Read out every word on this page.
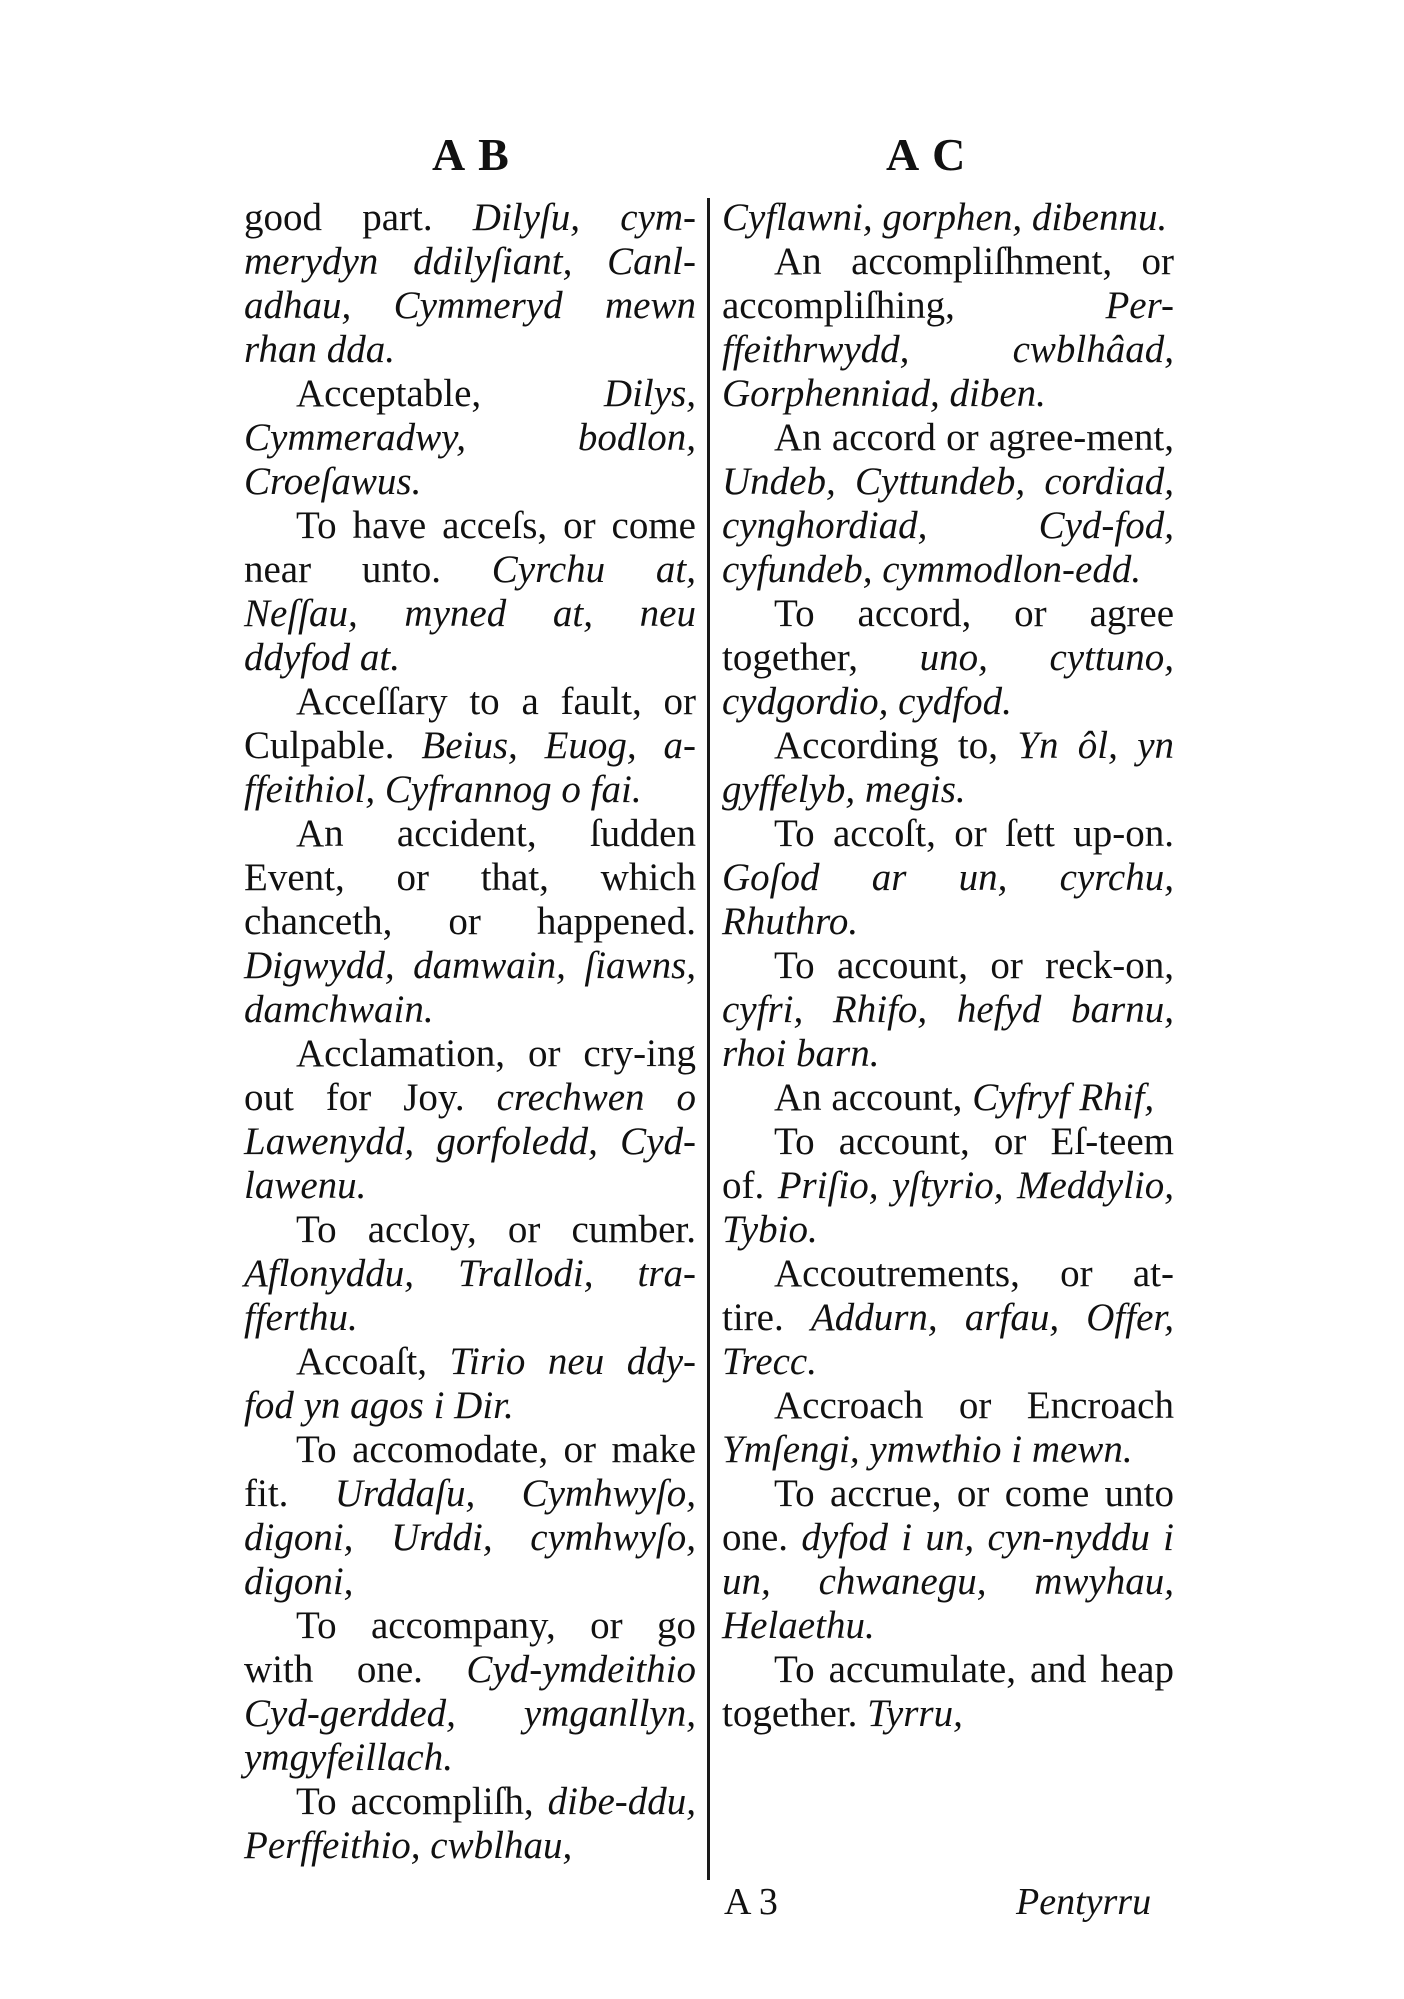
A B	A C

good part. Dilyſu, cym-merydyn ddilyſiant, Canl-adhau, Cymmeryd mewn rhan dda.

Acceptable,	Dilys, Cymmeradwy, bodlon, Croeſawus.

To have acceſs, or come near unto. Cyrchu at, Neſſau, myned at, neu ddyfod at.

Acceſſary to a fault, or Culpable. Beius, Euog, a-ffeithiol, Cyfrannog o fai.

An accident, ſudden Event, or that, which chanceth, or happened. Digwydd, damwain, ſiawns, damchwain.

Acclamation, or cry-ing out for Joy. crechwen o Lawenydd, gorfoledd, Cyd-lawenu.

To accloy, or cumber. Aflonyddu, Trallodi, tra-fferthu.

Accoaſt, Tirio neu ddy-fod yn agos i Dir.

To accomodate, or make fit. Urddaſu, Cymhwyſo, digoni, Urddi, cymhwyſo, digoni,

To accompany, or go with one. Cyd-ymdeithio Cyd-gerdded, ymganllyn, ymgyfeillach.

To accompliſh, dibe-ddu, Perffeithio, cwblhau,

Cyflawni, gorphen, dibennu.

An accompliſhment, or accompliſhing,	Per-ffeithrwydd, cwblhâad, Gorphenniad, diben.

An accord or agree-ment, Undeb, Cyttundeb, cordiad, cynghordiad, Cyd-fod, cyfundeb, cymmodlon-edd.

To accord, or agree together, uno, cyttuno, cydgordio, cydfod.

According to, Yn ôl, yn gyffelyb, megis.

To accoſt, or ſett up-on. Goſod ar un, cyrchu, Rhuthro.

To account, or reck-on, cyfri, Rhifo, hefyd barnu, rhoi barn.

An account, Cyfryf Rhif,

To account, or Eſ-teem of. Priſio, yſtyrio, Meddylio, Tybio.

Accoutrements, or at-tire. Addurn, arfau, Offer, Trecc.

Accroach or Encroach Ymſengi, ymwthio i mewn.

To accrue, or come unto one. dyfod i un, cyn-nyddu i un, chwanegu, mwyhau, Helaethu.

To accumulate, and heap together. Tyrru,

A 3	Pentyrru
